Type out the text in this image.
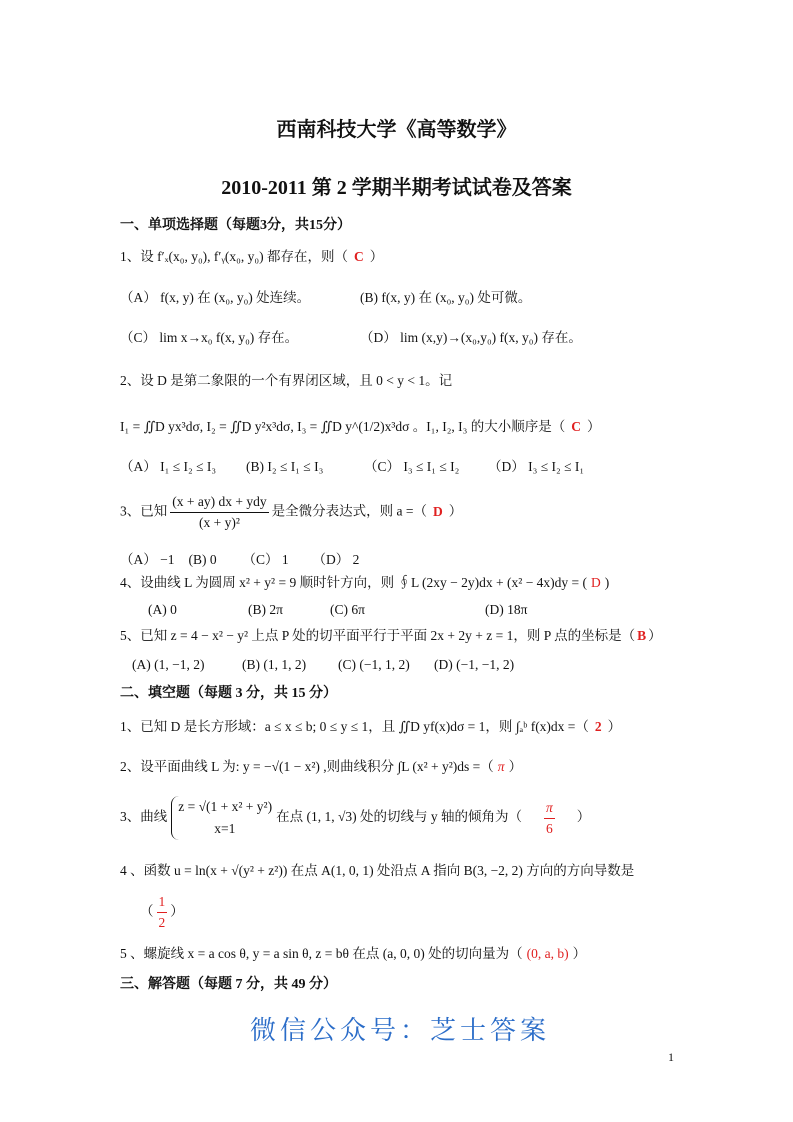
西南科技大学《高等数学》
2010-2011 第 2 学期半期考试试卷及答案
一、单项选择题（每题3分，共15分）
1、设 f′ₓ(x₀, y₀), f′ᵧ(x₀, y₀) 都存在，则（ C ）
（A） f(x, y) 在 (x₀, y₀) 处连续。	(B) f(x, y) 在 (x₀, y₀) 处可微。
（C） lim x→x₀ f(x, y₀) 存在。	（D） lim (x,y)→(x₀,y₀) f(x, y₀) 存在。
2、设 D 是第二象限的一个有界闭区域，且 0 < y < 1。记
I₁ = ∬D yx³dσ, I₂ = ∬D y²x³dσ, I₃ = ∬D y^(1/2)x³dσ 。I₁, I₂, I₃ 的大小顺序是（ C ）
（A） I₁ ≤ I₂ ≤ I₃	(B) I₂ ≤ I₁ ≤ I₃	（C） I₃ ≤ I₁ ≤ I₂	（D） I₃ ≤ I₂ ≤ I₁
3、已知 $\frac{\text{(x + ay) dx + ydy}}{\text{(x + y)²}}$ 是全微分表达式，则 a =（ D ）
（A） −1	(B) 0	（C） 1	（D） 2
4、设曲线 L 为圆周 x² + y² = 9 顺时针方向，则 ∮L (2xy − 2y)dx + (x² − 4x)dy = ( D )
(A) 0	(B) 2π	(C) 6π	(D) 18π
5、已知 z = 4 − x² − y² 上点 P 处的切平面平行于平面 2x + 2y + z = 1，则 P 点的坐标是（ B ）
(A) (1, −1, 2)	(B) (1, 1, 2)	(C) (−1, 1, 2)	(D) (−1, −1, 2)
二、填空题（每题 3 分，共 15 分）
1、已知 D 是长方形域：a ≤ x ≤ b; 0 ≤ y ≤ 1，且 ∬D yf(x)dσ = 1，则 ∫ₐᵇ f(x)dx =（ 2 ）
2、设平面曲线 L 为: y = −√(1 − x²) ,则曲线积分 ∫L (x² + y²)ds =（ π ）
3、曲线
z = √(1 + x² + y²)
x=1
在点 (1, 1, √3) 处的切线与 y 轴的倾角为（ $\frac{\pi}{6}$ ）
4 、函数 u = ln(x + √(y² + z²)) 在点 A(1, 0, 1) 处沿点 A 指向 B(3, −2, 2) 方向的方向导数是
（ $\frac{1}{2}$ ）
5 、螺旋线 x = a cos θ, y = a sin θ, z = bθ 在点 (a, 0, 0) 处的切向量为（ (0, a, b) ）
三、解答题（每题 7 分，共 49 分）
微信公众号：芝士答案
1
